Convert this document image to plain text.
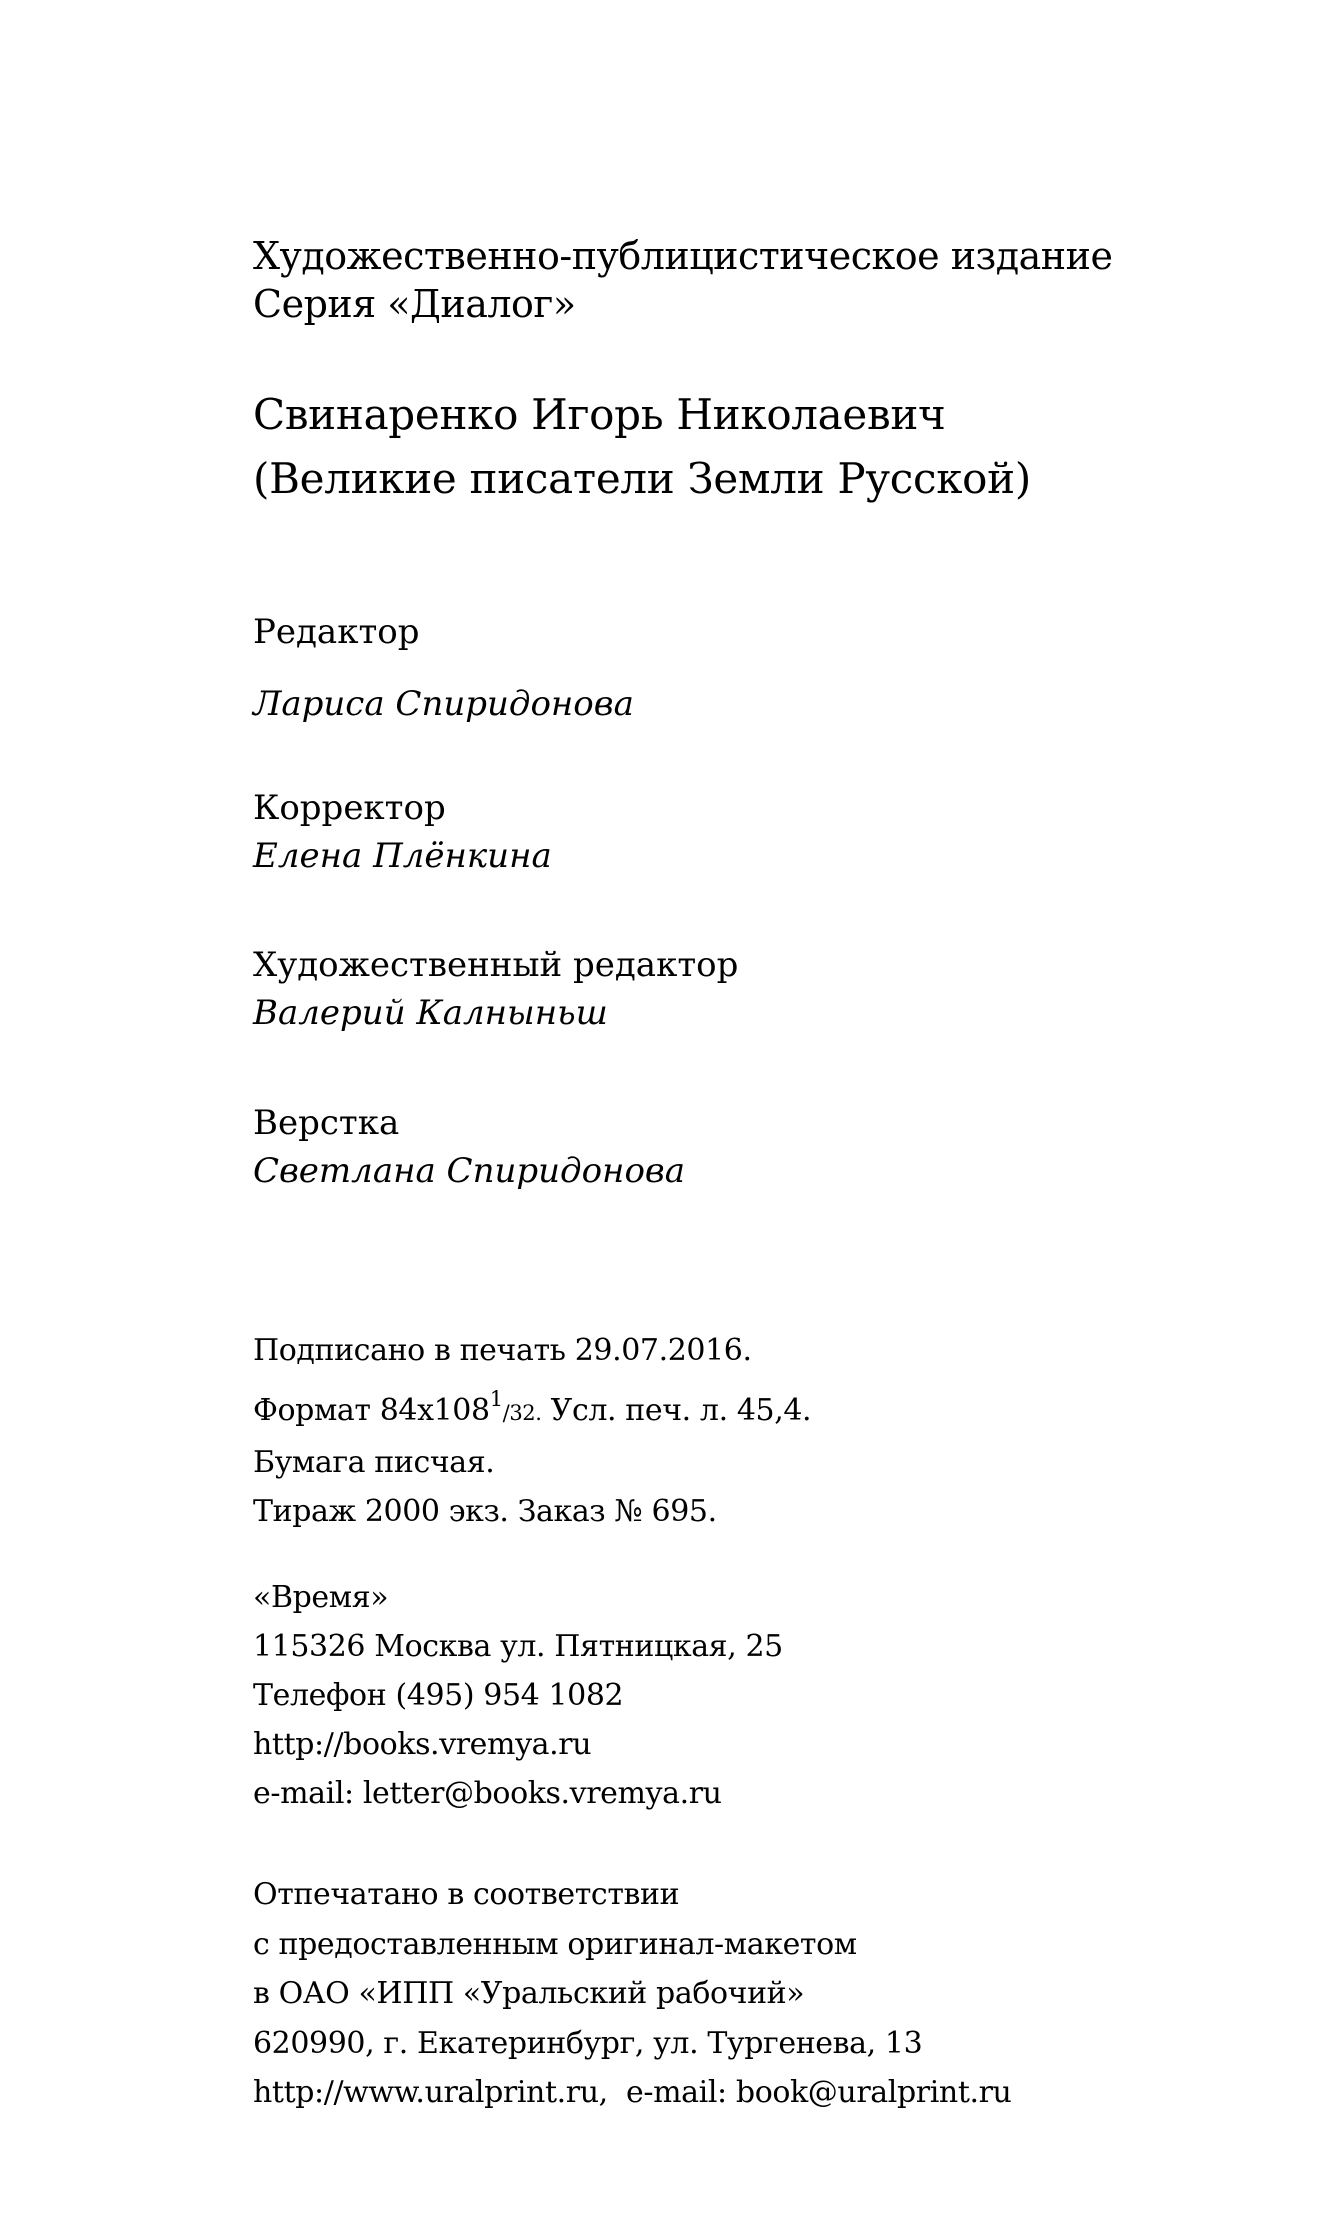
Художественно-публицистическое издание
Серия «Диалог»
Свинаренко Игорь Николаевич
(Великие писатели Земли Русской)
Редактор
Лариса Спиридонова
Корректор
Елена Плёнкина
Художественный редактор
Валерий Калныньш
Верстка
Светлана Спиридонова
Подписано в печать 29.07.2016.
Формат $84x108^1/32$. Усл. печ. л. 45,4.
Бумага писчая.
Тираж 2000 экз. Заказ № 695.
«Время»
115326 Москва ул. Пятницкая, 25
Телефон (495) 954 1082
http://books.vremya.ru
e-mail: letter@books.vremya.ru
Отпечатано в соответствии
с предоставленным оригинал-макетом
в ОАО «ИПП «Уральский рабочий»
620990, г. Екатеринбург, ул. Тургенева, 13
http://www.uralprint.ru, e-mail: book@uralprint.ru
